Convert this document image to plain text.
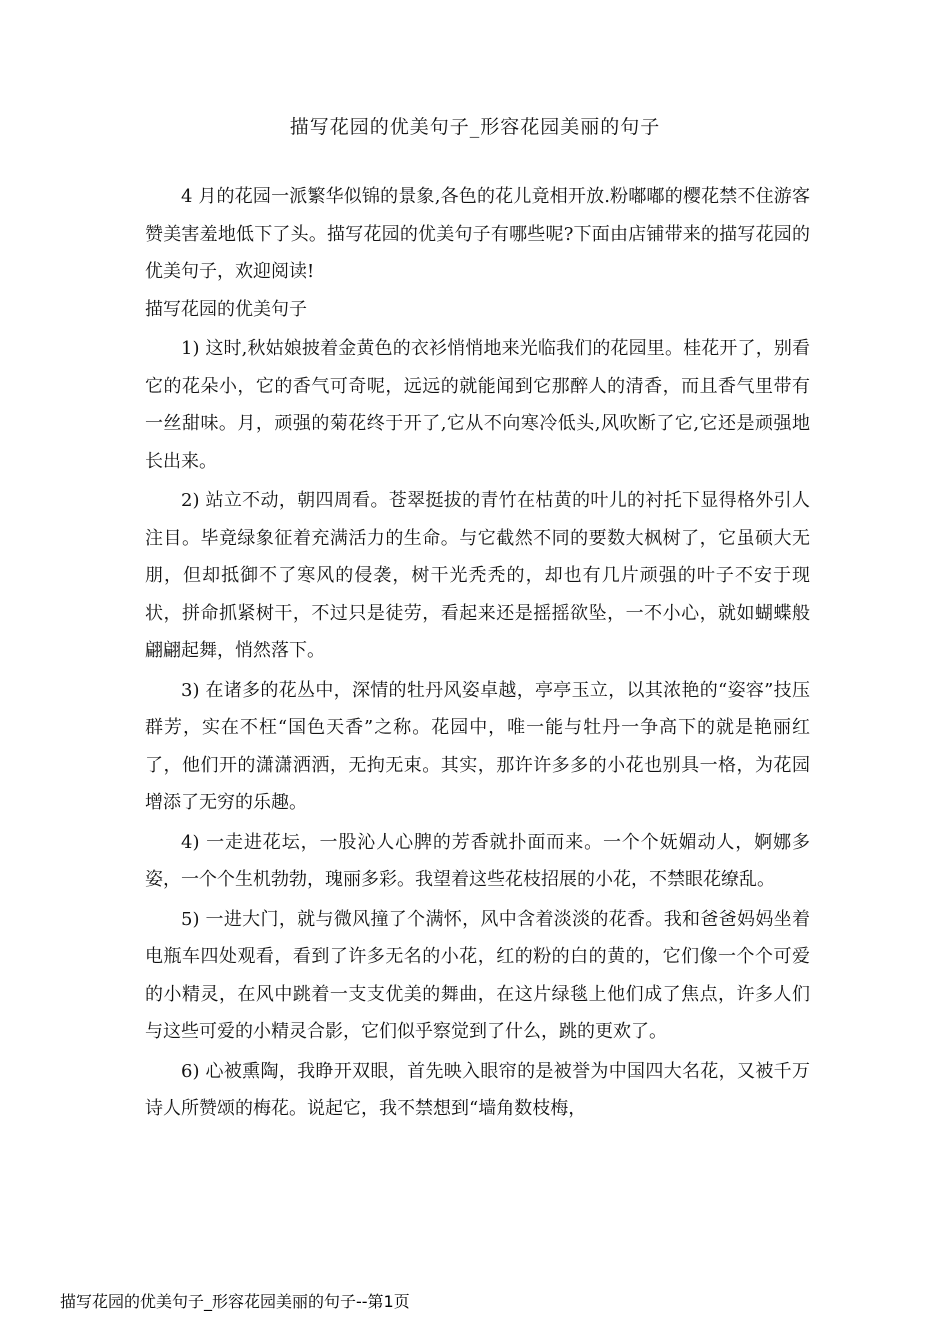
描写花园的优美句子_形容花园美丽的句子

4 月的花园一派繁华似锦的景象,各色的花儿竟相开放.粉嘟嘟的樱花禁不住游客 赞美害羞地低下了头。描写花园的优美句子有哪些呢?下面由店铺带来的描写花园的优美句子，欢迎阅读!

描写花园的优美句子

1) 这时,秋姑娘披着金黄色的衣衫悄悄地来光临我们的花园里。桂花开了，别看它的花朵小，它的香气可奇呢，远远的就能闻到它那醉人的清香，而且香气里带有一丝甜味。月，顽强的菊花终于开了,它从不向寒冷低头,风吹断了它,它还是顽强地长出来。

2) 站立不动，朝四周看。苍翠挺拔的青竹在枯黄的叶儿的衬托下显得格外引人注目。毕竟绿象征着充满活力的生命。与它截然不同的要数大枫树了，它虽硕大无朋，但却抵御不了寒风的侵袭，树干光秃秃的，却也有几片顽强的叶子不安于现状，拼命抓紧树干，不过只是徒劳，看起来还是摇摇欲坠，一不小心，就如蝴蝶般翩翩起舞，悄然落下。

3) 在诸多的花丛中，深情的牡丹风姿卓越，亭亭玉立，以其浓艳的“姿容”技压群芳，实在不枉“国色天香”之称。花园中，唯一能与牡丹一争高下的就是艳丽红了，他们开的潇潇洒洒，无拘无束。其实，那许许多多的小花也别具一格，为花园增添了无穷的乐趣。

4) 一走进花坛，一股沁人心脾的芳香就扑面而来。一个个妩媚动人，婀娜多姿，一个个生机勃勃，瑰丽多彩。我望着这些花枝招展的小花，不禁眼花缭乱。

5) 一进大门，就与微风撞了个满怀，风中含着淡淡的花香。我和爸爸妈妈坐着电瓶车四处观看，看到了许多无名的小花，红的粉的白的黄的，它们像一个个可爱的小精灵，在风中跳着一支支优美的舞曲，在这片绿毯上他们成了焦点，许多人们与这些可爱的小精灵合影，它们似乎察觉到了什么，跳的更欢了。

6) 心被熏陶，我睁开双眼，首先映入眼帘的是被誉为中国四大名花，又被千万诗人所赞颂的梅花。说起它，我不禁想到“墙角数枝梅，

描写花园的优美句子_形容花园美丽的句子--第1页
